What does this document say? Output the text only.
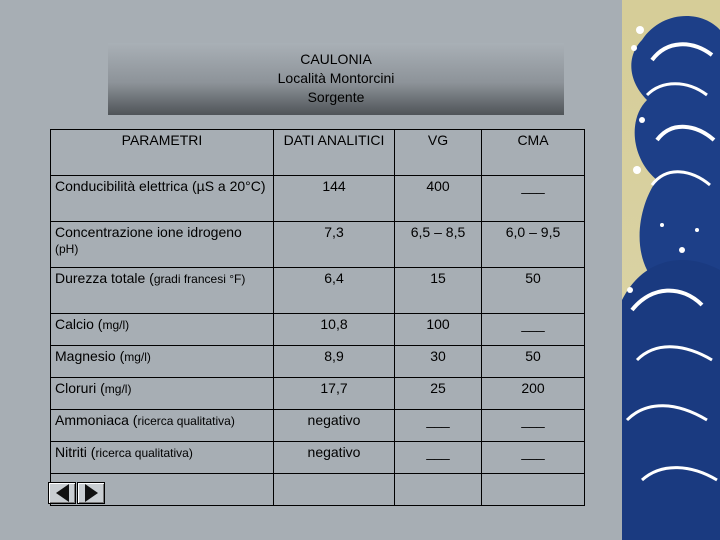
CAULONIA
Località Montorcini
Sorgente
PARAMETRI	DATI ANALITICI	VG	CMA
Conducibilità elettrica (µS a 20°C)	144	400	___
Concentrazione ione idrogeno
(pH)	7,3	6,5 – 8,5	6,0 – 9,5
Durezza totale (gradi francesi °F)	6,4	15	50
Calcio (mg/l)	10,8	100	___
Magnesio (mg/l)	8,9	30	50
Cloruri (mg/l)	17,7	25	200
Ammoniaca (ricerca qualitativa)	negativo	___	___
Nitriti (ricerca qualitativa)	negativo	___	___
